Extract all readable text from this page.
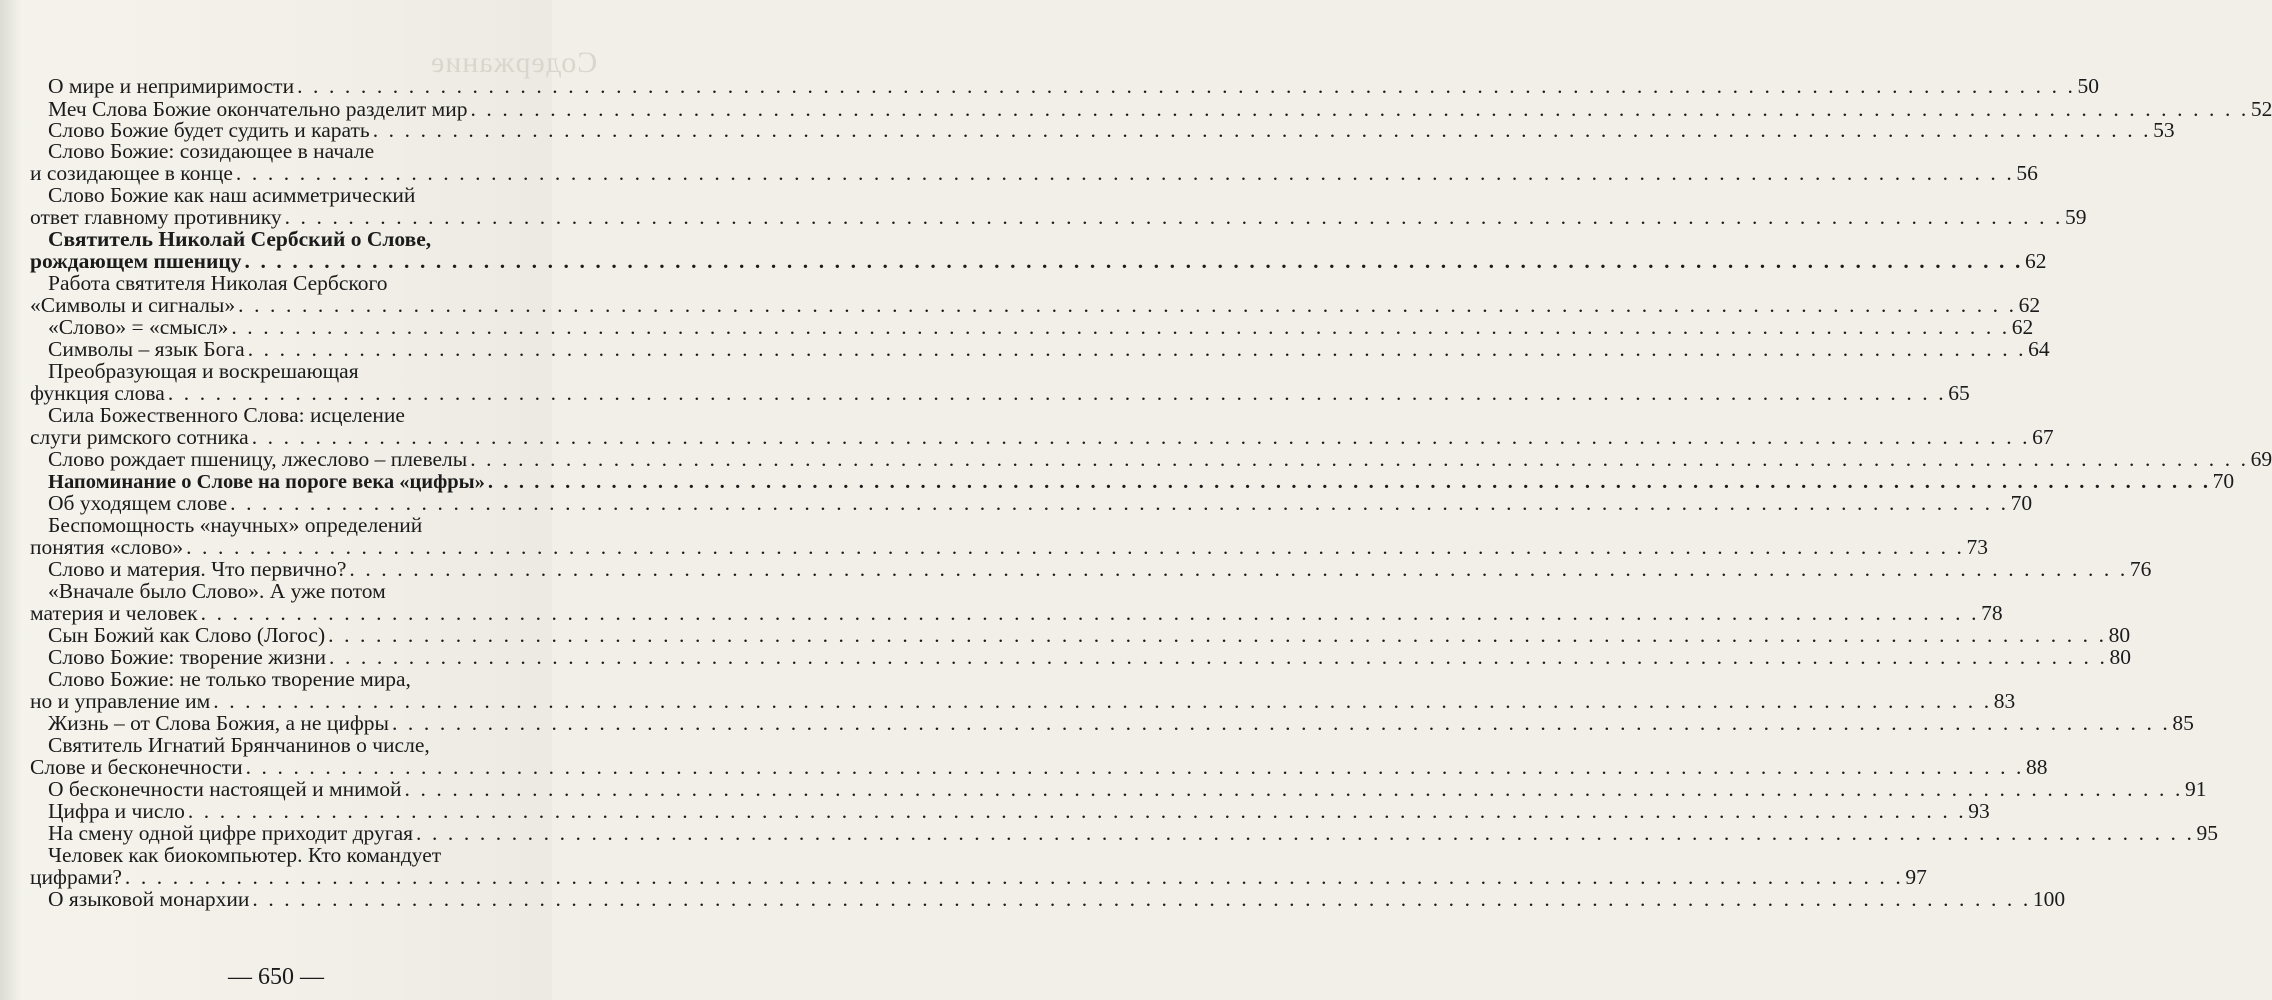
Содержание
О мире и непримиримости . . .	50
Меч Слова Божие окончательно разделит мир . . .	52
Слово Божие будет судить и карать . . .	53
Слово Божие: созидающее в начале
и созидающее в конце . . .	56
Слово Божие как наш асимметрический
ответ главному противнику . . .	59
Святитель Николай Сербский о Слове,
рождающем пшеницу . . .	62
Работа святителя Николая Сербского
«Символы и сигналы» . . .	62
«Слово» = «смысл» . . .	62
Символы – язык Бога . . .	64
Преобразующая и воскрешающая
функция слова . . .	65
Сила Божественного Слова: исцеление
слуги римского сотника . . .	67
Слово рождает пшеницу, лжеслово – плевелы . . .	69
Напоминание о Слове на пороге века «цифры» . . .	70
Об уходящем слове . . .	70
Беспомощность «научных» определений
понятия «слово» . . .	73
Слово и материя. Что первично? . . .	76
«Вначале было Слово». А уже потом
материя и человек . . .	78
Сын Божий как Слово (Логос) . . .	80
Слово Божие: творение жизни . . .	80
Слово Божие: не только творение мира,
но и управление им . . .	83
Жизнь – от Слова Божия, а не цифры . . .	85
Святитель Игнатий Брянчанинов о числе,
Слове и бесконечности . . .	88
О бесконечности настоящей и мнимой . . .	91
Цифра и число . . .	93
На смену одной цифре приходит другая . . .	95
Человек как биокомпьютер. Кто командует
цифрами? . . .	97
О языковой монархии . . .	100
— 650 —
